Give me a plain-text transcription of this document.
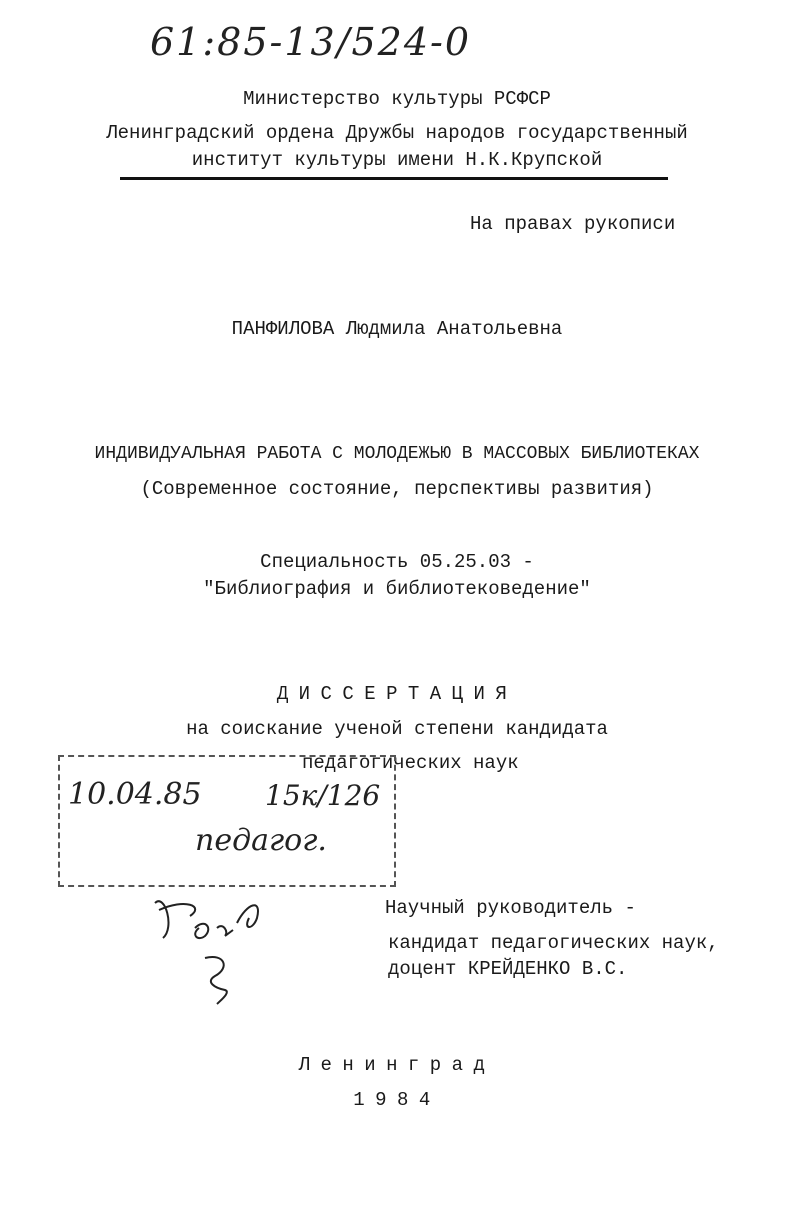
61:85-13/524-0
Министерство культуры РСФСР
Ленинградский ордена Дружбы народов государственный
институт культуры имени Н.К.Крупской
На правах рукописи
ПАНФИЛОВА Людмила Анатольевна
ИНДИВИДУАЛЬНАЯ РАБОТА С МОЛОДЕЖЬЮ В МАССОВЫХ БИБЛИОТЕКАХ
(Современное состояние, перспективы развития)
Специальность 05.25.03 -
"Библиография и библиотековедение"
ДИССЕРТАЦИЯ
на соискание ученой степени кандидата
педагогических наук
10.04.85 15к/126
педагог.
Научный руководитель -
кандидат педагогических наук,
доцент КРЕЙДЕНКО В.С.
Ленинград
1984
